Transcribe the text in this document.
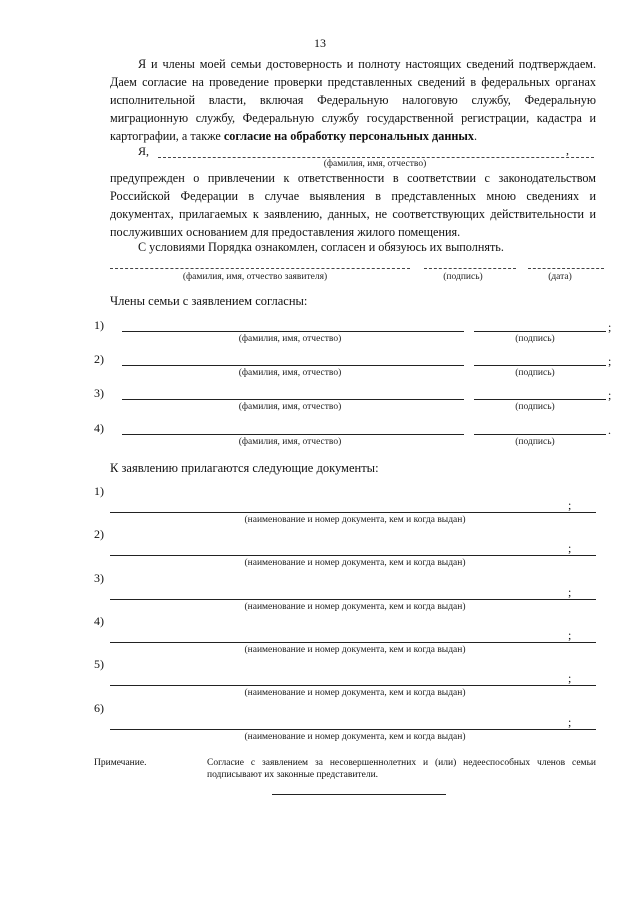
13
Я и члены моей семьи достоверность и полноту настоящих сведений подтверждаем. Даем согласие на проведение проверки представленных сведений в федеральных органах исполнительной власти, включая Федеральную налоговую службу, Федеральную миграционную службу, Федеральную службу государственной регистрации, кадастра и картографии, а также согласие на обработку персональных данных.
Я,	,
(фамилия, имя, отчество)
предупрежден о привлечении к ответственности в соответствии с законодательством Российской Федерации в случае выявления в представленных мною сведениях и документах, прилагаемых к заявлению, данных, не соответствующих действительности и послуживших основанием для предоставления жилого помещения.
С условиями Порядка ознакомлен, согласен и обязуюсь их выполнять.
(фамилия, имя, отчество заявителя)	(подпись)	(дата)
Члены семьи с заявлением согласны:
1)	;
(фамилия, имя, отчество)	(подпись)
2)	;
(фамилия, имя, отчество)	(подпись)
3)	;
(фамилия, имя, отчество)	(подпись)
4)	.
(фамилия, имя, отчество)	(подпись)
К заявлению прилагаются следующие документы:
1)
;
(наименование и номер документа, кем и когда выдан)
2)
;
(наименование и номер документа, кем и когда выдан)
3)
;
(наименование и номер документа, кем и когда выдан)
4)
;
(наименование и номер документа, кем и когда выдан)
5)
;
(наименование и номер документа, кем и когда выдан)
6)
;
(наименование и номер документа, кем и когда выдан)
Примечание.	Согласие с заявлением за несовершеннолетних и (или) недееспособных членов семьи подписывают их законные представители.
